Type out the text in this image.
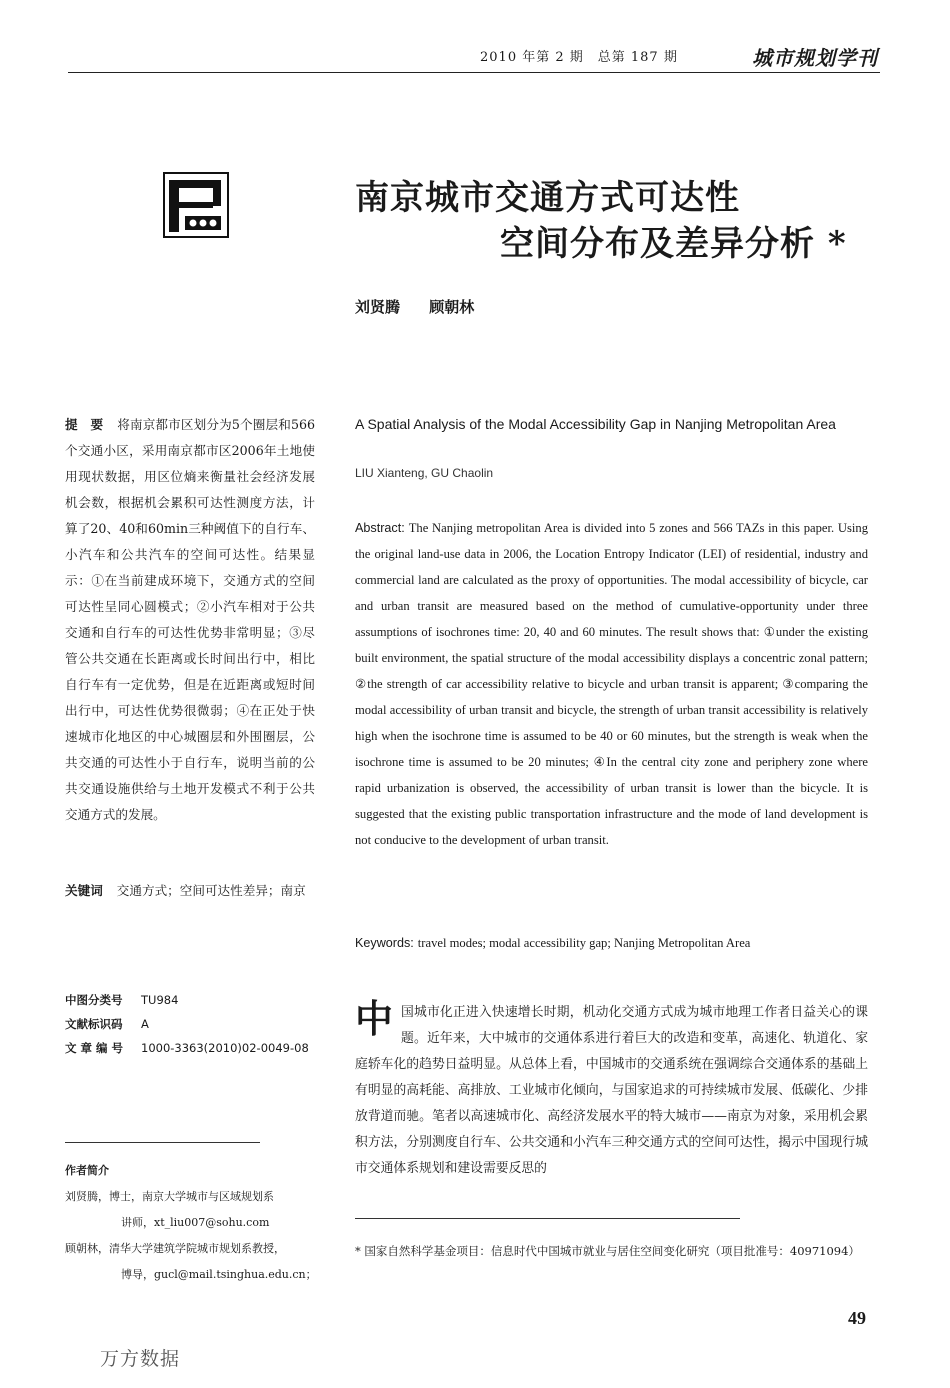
2010 年第 2 期　总第 187 期	城市规划学刊
南京城市交通方式可达性
空间分布及差异分析 *
刘贤腾 顾朝林
提　要 将南京都市区划分为5个圈层和566个交通小区，采用南京都市区2006年土地使用现状数据，用区位熵来衡量社会经济发展机会数，根据机会累积可达性测度方法，计算了20、40和60min三种阈值下的自行车、小汽车和公共汽车的空间可达性。结果显示：①在当前建成环境下，交通方式的空间可达性呈同心圆模式；②小汽车相对于公共交通和自行车的可达性优势非常明显；③尽管公共交通在长距离或长时间出行中，相比自行车有一定优势，但是在近距离或短时间出行中，可达性优势很微弱；④在正处于快速城市化地区的中心城圈层和外围圈层，公共交通的可达性小于自行车，说明当前的公共交通设施供给与土地开发模式不利于公共交通方式的发展。
关键词 交通方式；空间可达性差异；南京
A Spatial Analysis of the Modal Accessibility Gap in Nanjing Metropolitan Area
LIU Xianteng, GU Chaolin
Abstract: The Nanjing metropolitan Area is divided into 5 zones and 566 TAZs in this paper. Using the original land-use data in 2006, the Location Entropy Indicator (LEI) of residential, industry and commercial land are calculated as the proxy of opportunities. The modal accessibility of bicycle, car and urban transit are measured based on the method of cumulative-opportunity under three assumptions of isochrones time: 20, 40 and 60 minutes. The result shows that: ①under the existing built environment, the spatial structure of the modal accessibility displays a concentric zonal pattern; ②the strength of car accessibility relative to bicycle and urban transit is apparent; ③comparing the modal accessibility of urban transit and bicycle, the strength of urban transit accessibility is relatively high when the isochrone time is assumed to be 40 or 60 minutes, but the strength is weak when the isochrone time is assumed to be 20 minutes; ④In the central city zone and periphery zone where rapid urbanization is observed, the accessibility of urban transit is lower than the bicycle. It is suggested that the existing public transportation infrastructure and the mode of land development is not conducive to the development of urban transit.
Keywords: travel modes; modal accessibility gap; Nanjing Metropolitan Area
中图分类号 TU984
文献标识码 A
文 章 编 号 1000-3363(2010)02-0049-08
作者简介
刘贤腾，博士，南京大学城市与区域规划系
讲师，xt_liu007@sohu.com
顾朝林，清华大学建筑学院城市规划系教授，
博导，gucl@mail.tsinghua.edu.cn；
中国城市化正进入快速增长时期，机动化交通方式成为城市地理工作者日益关心的课题。近年来，大中城市的交通体系进行着巨大的改造和变革，高速化、轨道化、家庭轿车化的趋势日益明显。从总体上看，中国城市的交通系统在强调综合交通体系的基础上有明显的高耗能、高排放、工业城市化倾向，与国家追求的可持续城市发展、低碳化、少排放背道而驰。笔者以高速城市化、高经济发展水平的特大城市——南京为对象，采用机会累积方法，分别测度自行车、公共交通和小汽车三种交通方式的空间可达性，揭示中国现行城市交通体系规划和建设需要反思的
* 国家自然科学基金项目：信息时代中国城市就业与居住空间变化研究（项目批准号：40971094）
49
万方数据
